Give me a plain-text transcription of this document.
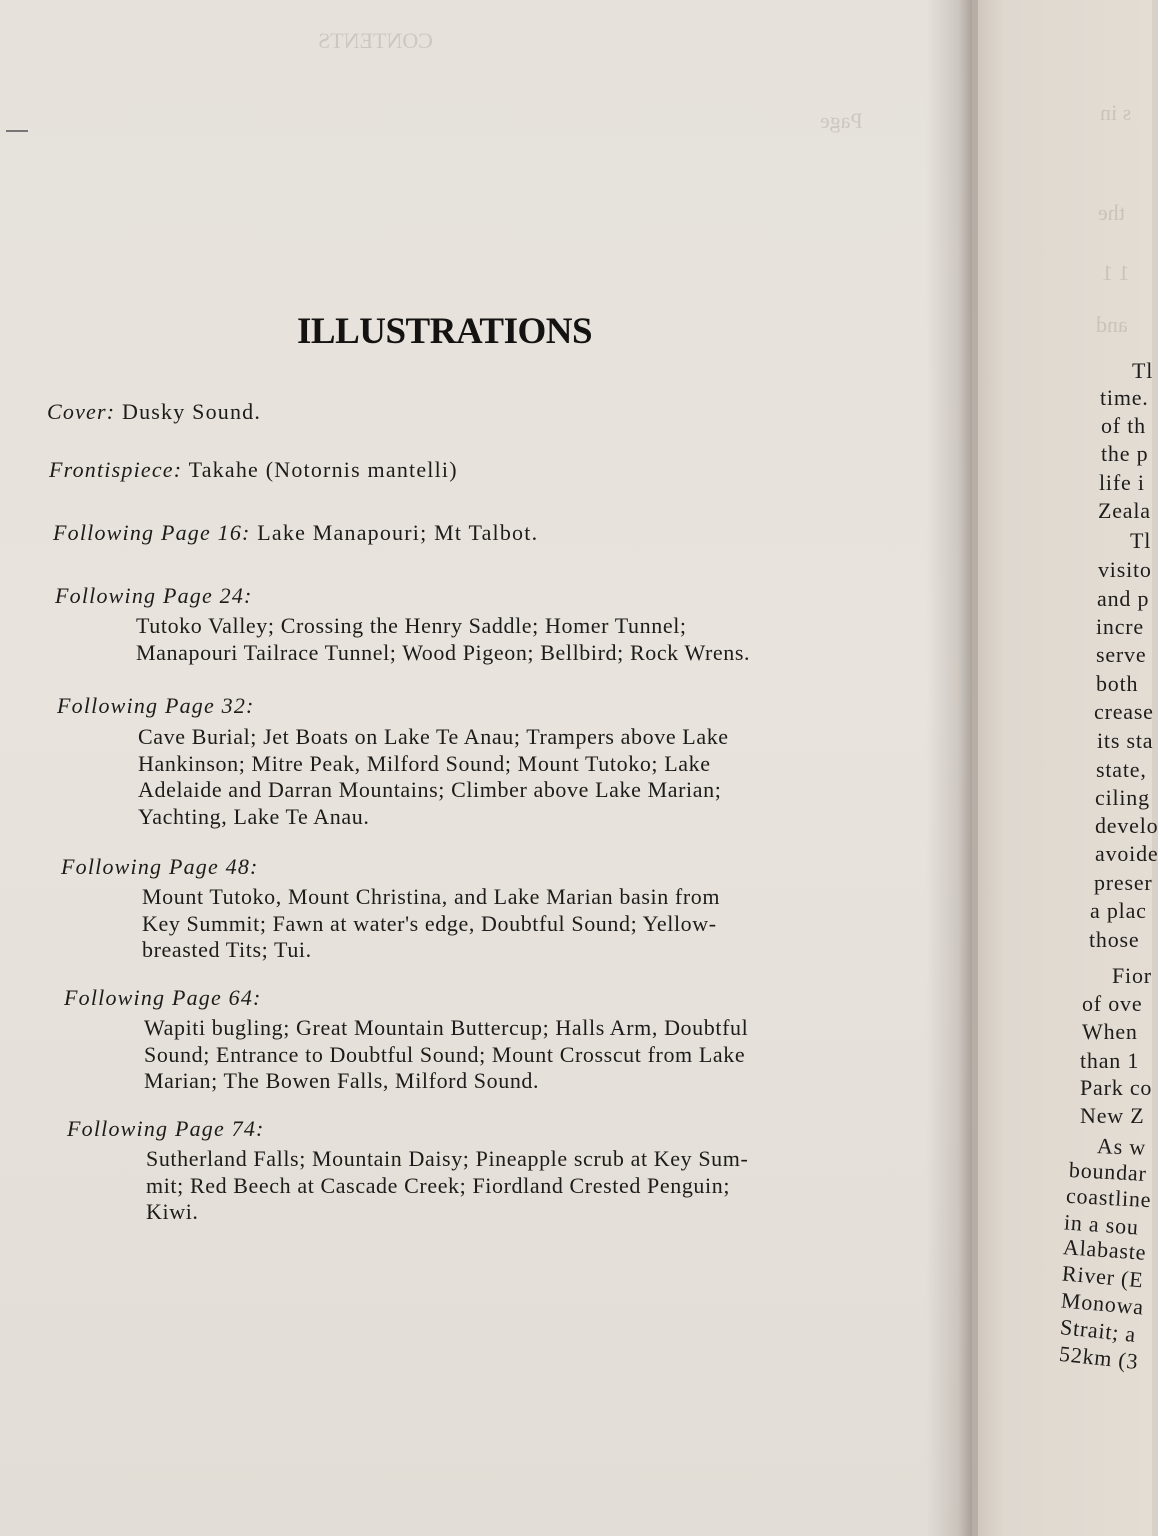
CONTENTS
Page
ILLUSTRATIONS
Cover: Dusky Sound.
Frontispiece: Takahe (Notornis mantelli)
Following Page 16: Lake Manapouri; Mt Talbot.
Following Page 24:
Tutoko Valley; Crossing the Henry Saddle; Homer Tunnel;
Manapouri Tailrace Tunnel; Wood Pigeon; Bellbird; Rock Wrens.
Following Page 32:
Cave Burial; Jet Boats on Lake Te Anau; Trampers above Lake
Hankinson; Mitre Peak, Milford Sound; Mount Tutoko; Lake
Adelaide and Darran Mountains; Climber above Lake Marian;
Yachting, Lake Te Anau.
Following Page 48:
Mount Tutoko, Mount Christina, and Lake Marian basin from
Key Summit; Fawn at water's edge, Doubtful Sound; Yellow-
breasted Tits; Tui.
Following Page 64:
Wapiti bugling; Great Mountain Buttercup; Halls Arm, Doubtful
Sound; Entrance to Doubtful Sound; Mount Crosscut from Lake
Marian; The Bowen Falls, Milford Sound.
Following Page 74:
Sutherland Falls; Mountain Daisy; Pineapple scrub at Key Sum-
mit; Red Beech at Cascade Creek; Fiordland Crested Penguin;
Kiwi.
s in
the
1 1
and
Tl
time.
of th
the p
life i
Zeala
Tl
visito
and p
incre
serve
both
crease
its sta
state,
ciling
develo
avoide
preser
a plac
those
Fior
of ove
When
than 1
Park co
New Z
As w
boundar
coastline
in a sou
Alabaste
River (E
Monowa
Strait; a
52km (3
